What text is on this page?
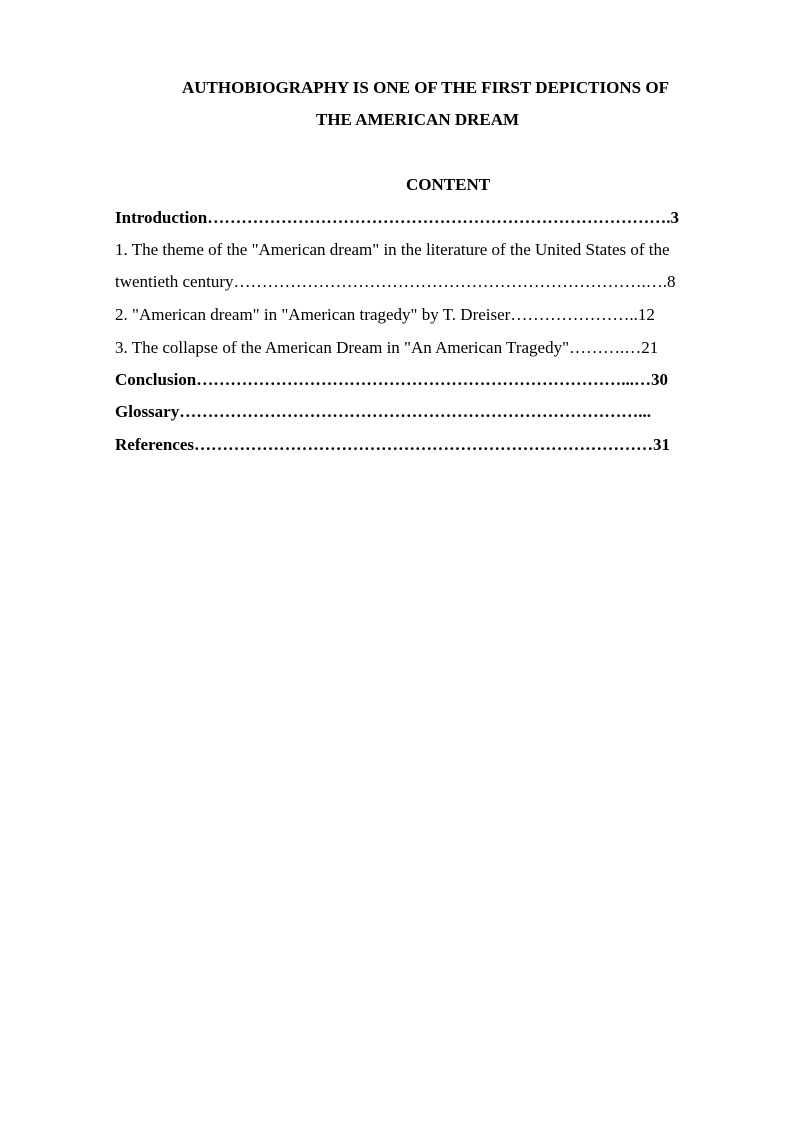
AUTHOBIOGRAPHY IS ONE OF THE FIRST DEPICTIONS OF
THE AMERICAN DREAM
CONTENT
Introduction……………………………………………………………………….3
1. The theme of the "American dream" in the literature of the United States of the
twentieth century……………………………………………………………….….8
2. "American dream" in "American tragedy" by T. Dreiser…………………..12
3. The collapse of the American Dream in "An American Tragedy"……….…21
Conclusion…………………………………………………………………...…30
Glossary………………………………………………………………………...
References………………………………………………………………………31
